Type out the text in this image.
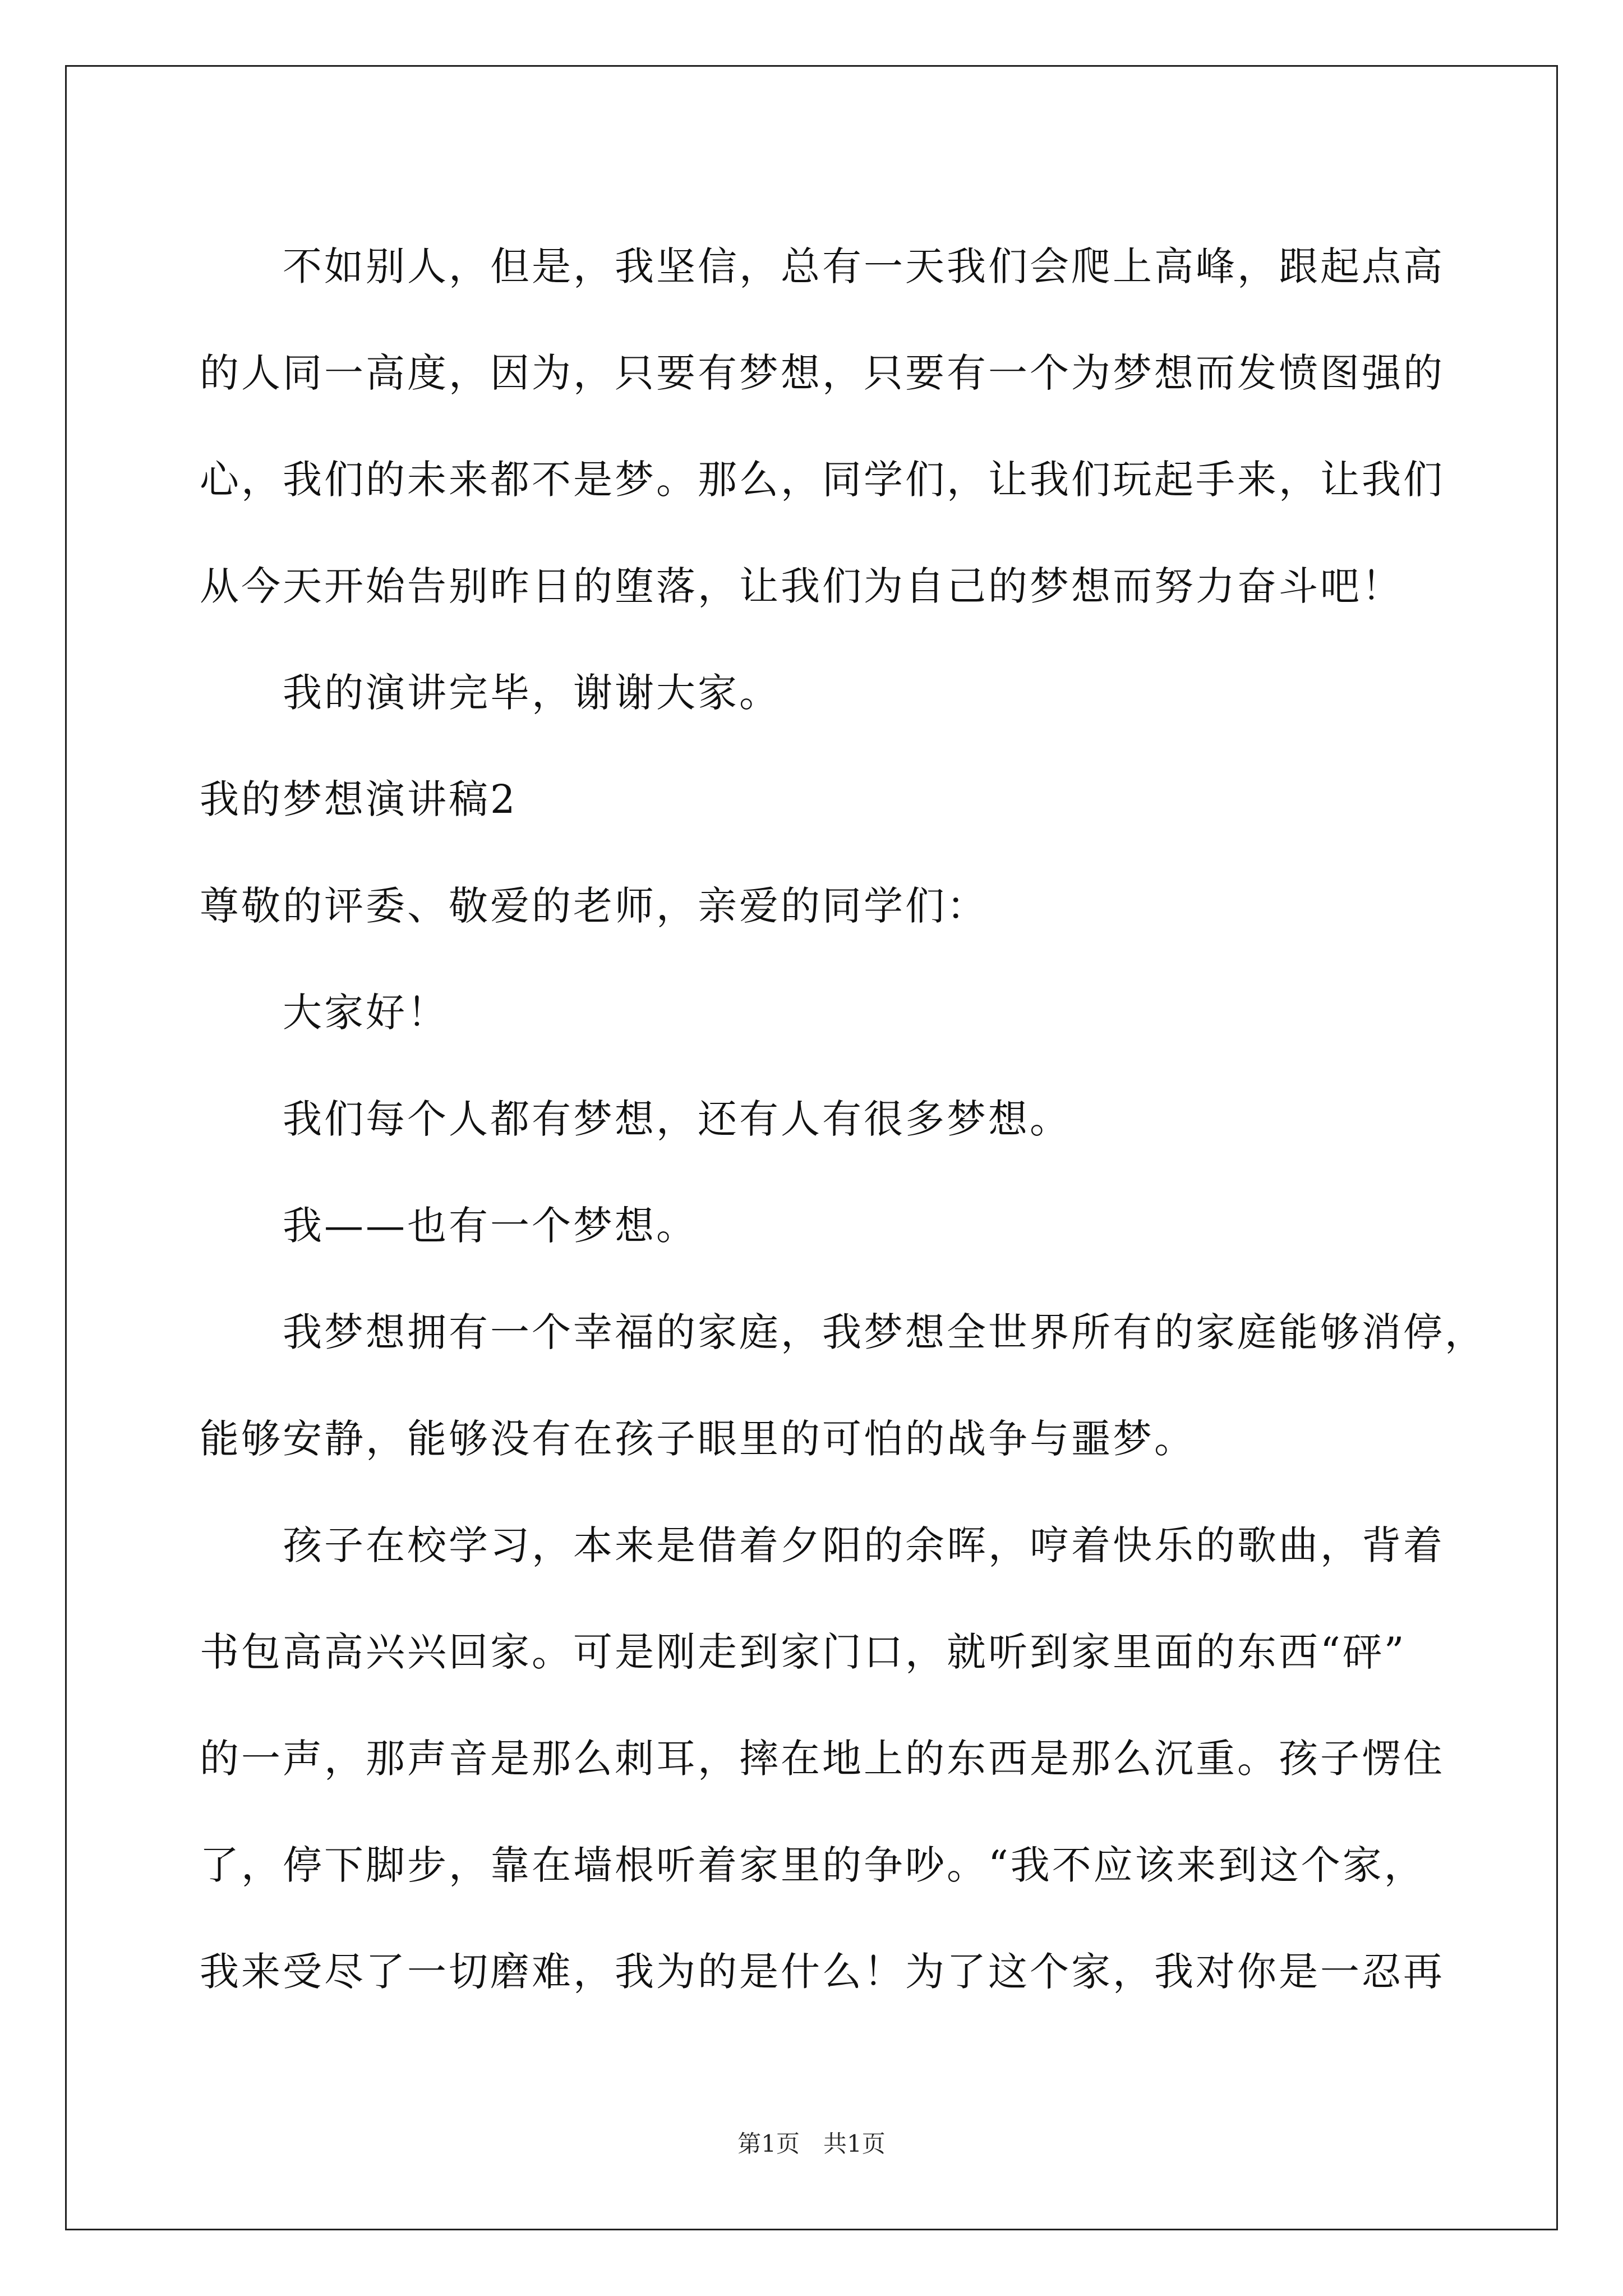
不如别人，但是，我坚信，总有一天我们会爬上高峰，跟起点高
的人同一高度，因为，只要有梦想，只要有一个为梦想而发愤图强的
心，我们的未来都不是梦。那么，同学们，让我们玩起手来，让我们
从今天开始告别昨日的堕落，让我们为自己的梦想而努力奋斗吧！
我的演讲完毕，谢谢大家。
我的梦想演讲稿2
尊敬的评委、敬爱的老师，亲爱的同学们：
大家好！
我们每个人都有梦想，还有人有很多梦想。
我——也有一个梦想。
我梦想拥有一个幸福的家庭，我梦想全世界所有的家庭能够消停，
能够安静，能够没有在孩子眼里的可怕的战争与噩梦。
孩子在校学习，本来是借着夕阳的余晖，哼着快乐的歌曲，背着
书包高高兴兴回家。可是刚走到家门口，就听到家里面的东西“砰”
的一声，那声音是那么刺耳，摔在地上的东西是那么沉重。孩子愣住
了，停下脚步，靠在墙根听着家里的争吵。“我不应该来到这个家，
我来受尽了一切磨难，我为的是什么！为了这个家，我对你是一忍再
第1页　共1页
